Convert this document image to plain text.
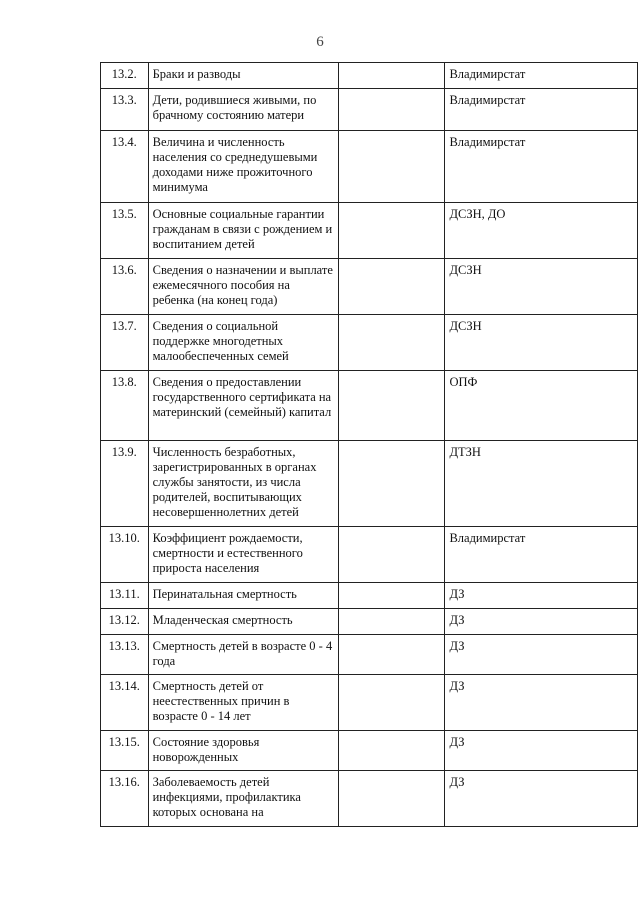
6
13.2.	Браки и разводы		Владимирстат
13.3.	Дети, родившиеся живыми, по брачному состоянию матери		Владимирстат
13.4.	Величина и численность населения со среднедушевыми доходами ниже прожиточного минимума		Владимирстат
13.5.	Основные социальные гарантии гражданам в связи с рождением и воспитанием детей		ДСЗН, ДО
13.6.	Сведения о назначении и выплате ежемесячного пособия на ребенка (на конец года)		ДСЗН
13.7.	Сведения о социальной поддержке многодетных малообеспеченных семей		ДСЗН
13.8.	Сведения о предоставлении государственного сертификата на материнский (семейный) капитал		ОПФ
13.9.	Численность безработных, зарегистрированных в органах службы занятости, из числа родителей, воспитывающих несовершеннолетних детей		ДТЗН
13.10.	Коэффициент рождаемости, смертности и естественного прироста населения		Владимирстат
13.11.	Перинатальная смертность		ДЗ
13.12.	Младенческая смертность		ДЗ
13.13.	Смертность детей в возрасте 0 - 4 года		ДЗ
13.14.	Смертность детей от неестественных причин в возрасте 0 - 14 лет		ДЗ
13.15.	Состояние здоровья новорожденных		ДЗ
13.16.	Заболеваемость детей инфекциями, профилактика которых основана на		ДЗ
